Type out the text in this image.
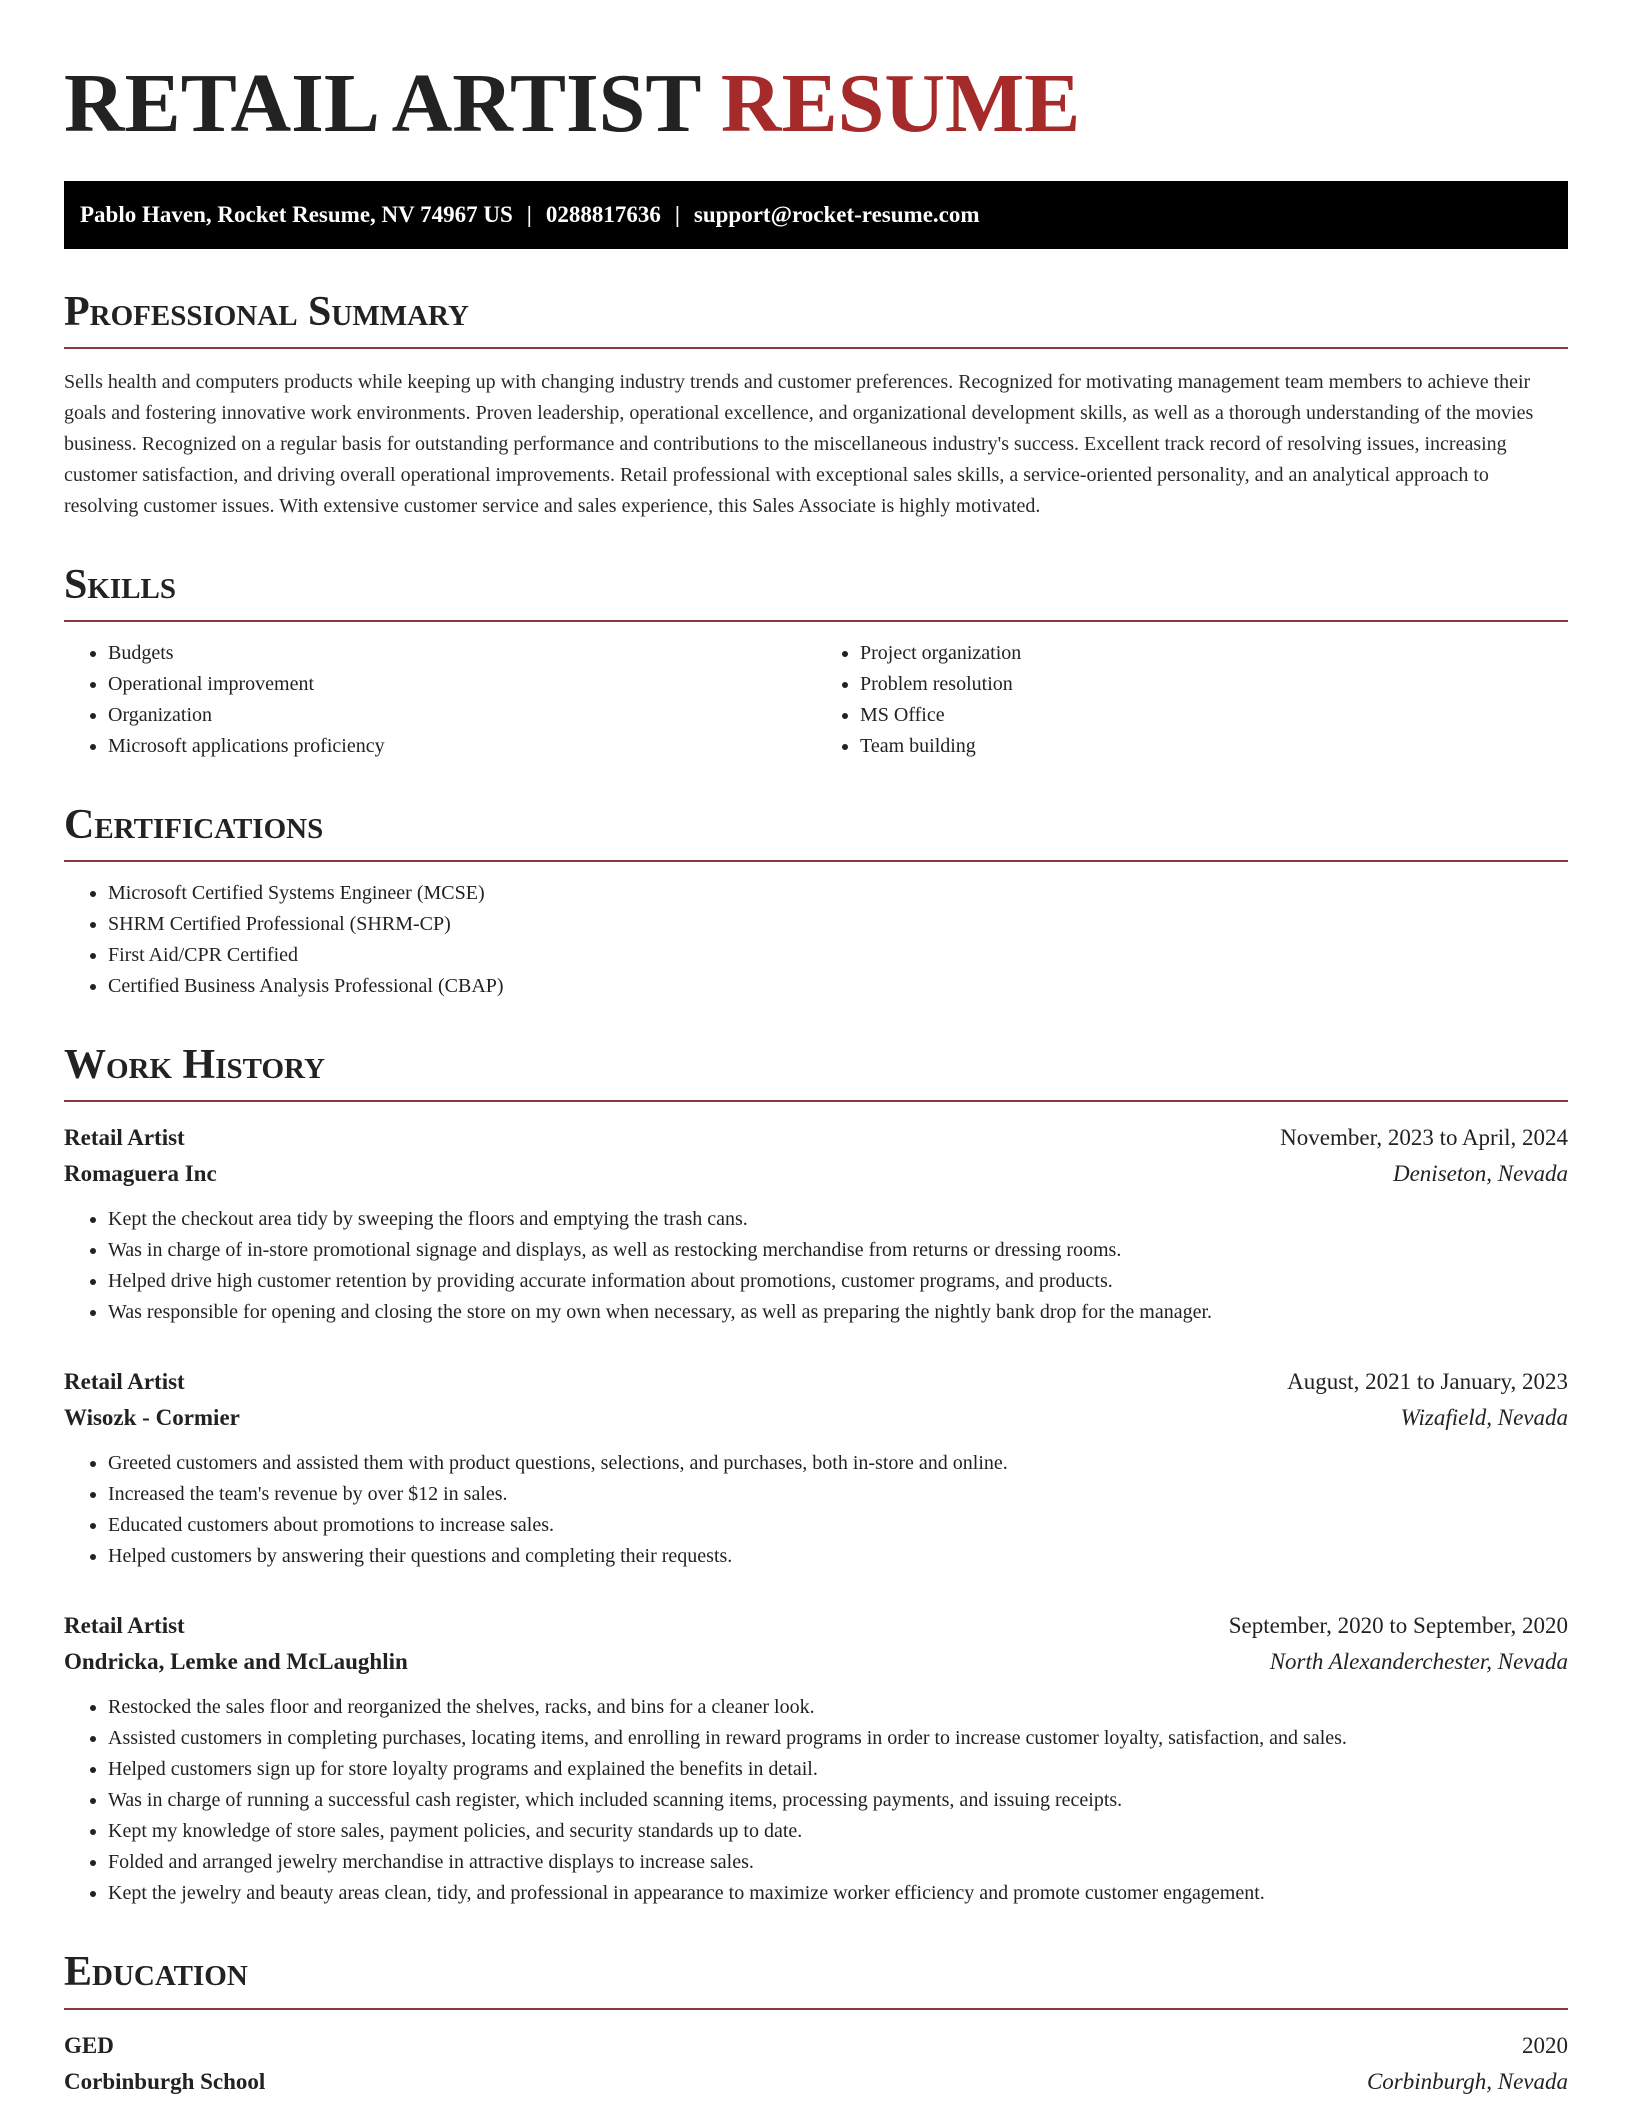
RETAIL ARTIST RESUME
Pablo Haven, Rocket Resume, NV 74967 US | 0288817636 | support@rocket-resume.com
Professional Summary

Sells health and computers products while keeping up with changing industry trends and customer preferences. Recognized for motivating management team members to achieve their goals and fostering innovative work environments. Proven leadership, operational excellence, and organizational development skills, as well as a thorough understanding of the movies business. Recognized on a regular basis for outstanding performance and contributions to the miscellaneous industry's success. Excellent track record of resolving issues, increasing customer satisfaction, and driving overall operational improvements. Retail professional with exceptional sales skills, a service-oriented personality, and an analytical approach to resolving customer issues. With extensive customer service and sales experience, this Sales Associate is highly motivated.

Skills
• Budgets
• Operational improvement
• Organization
• Microsoft applications proficiency
• Project organization
• Problem resolution
• MS Office
• Team building
Certifications
• Microsoft Certified Systems Engineer (MCSE)
• SHRM Certified Professional (SHRM-CP)
• First Aid/CPR Certified
• Certified Business Analysis Professional (CBAP)
Work History
Retail Artist	November, 2023 to April, 2024
Romaguera Inc	Deniseton, Nevada
• Kept the checkout area tidy by sweeping the floors and emptying the trash cans.
• Was in charge of in-store promotional signage and displays, as well as restocking merchandise from returns or dressing rooms.
• Helped drive high customer retention by providing accurate information about promotions, customer programs, and products.
• Was responsible for opening and closing the store on my own when necessary, as well as preparing the nightly bank drop for the manager.
Retail Artist	August, 2021 to January, 2023
Wisozk - Cormier	Wizafield, Nevada
• Greeted customers and assisted them with product questions, selections, and purchases, both in-store and online.
• Increased the team's revenue by over $12 in sales.
• Educated customers about promotions to increase sales.
• Helped customers by answering their questions and completing their requests.
Retail Artist	September, 2020 to September, 2020
Ondricka, Lemke and McLaughlin	North Alexanderchester, Nevada
• Restocked the sales floor and reorganized the shelves, racks, and bins for a cleaner look.
• Assisted customers in completing purchases, locating items, and enrolling in reward programs in order to increase customer loyalty, satisfaction, and sales.
• Helped customers sign up for store loyalty programs and explained the benefits in detail.
• Was in charge of running a successful cash register, which included scanning items, processing payments, and issuing receipts.
• Kept my knowledge of store sales, payment policies, and security standards up to date.
• Folded and arranged jewelry merchandise in attractive displays to increase sales.
• Kept the jewelry and beauty areas clean, tidy, and professional in appearance to maximize worker efficiency and promote customer engagement.
Education
GED	2020
Corbinburgh School	Corbinburgh, Nevada
